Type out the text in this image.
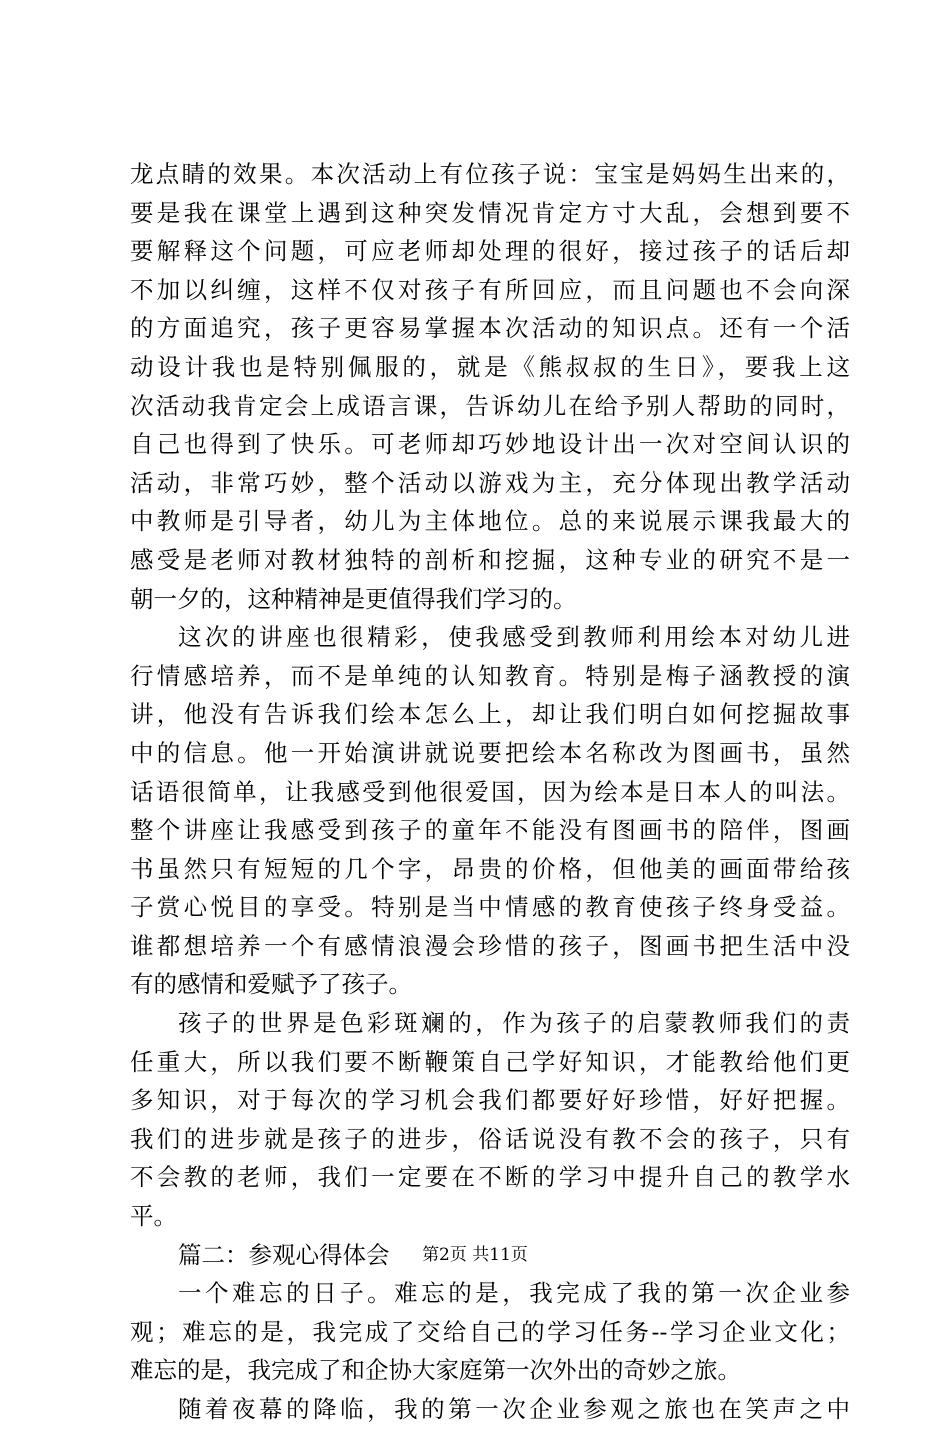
龙点睛的效果。本次活动上有位孩子说：宝宝是妈妈生出来的，
要是我在课堂上遇到这种突发情况肯定方寸大乱，会想到要不
要解释这个问题，可应老师却处理的很好，接过孩子的话后却
不加以纠缠，这样不仅对孩子有所回应，而且问题也不会向深
的方面追究，孩子更容易掌握本次活动的知识点。还有一个活
动设计我也是特别佩服的，就是《熊叔叔的生日》，要我上这
次活动我肯定会上成语言课，告诉幼儿在给予别人帮助的同时，
自己也得到了快乐。可老师却巧妙地设计出一次对空间认识的
活动，非常巧妙，整个活动以游戏为主，充分体现出教学活动
中教师是引导者，幼儿为主体地位。总的来说展示课我最大的
感受是老师对教材独特的剖析和挖掘，这种专业的研究不是一
朝一夕的，这种精神是更值得我们学习的。
这次的讲座也很精彩，使我感受到教师利用绘本对幼儿进
行情感培养，而不是单纯的认知教育。特别是梅子涵教授的演
讲，他没有告诉我们绘本怎么上，却让我们明白如何挖掘故事
中的信息。他一开始演讲就说要把绘本名称改为图画书，虽然
话语很简单，让我感受到他很爱国，因为绘本是日本人的叫法。
整个讲座让我感受到孩子的童年不能没有图画书的陪伴，图画
书虽然只有短短的几个字，昂贵的价格，但他美的画面带给孩
子赏心悦目的享受。特别是当中情感的教育使孩子终身受益。
谁都想培养一个有感情浪漫会珍惜的孩子，图画书把生活中没
有的感情和爱赋予了孩子。
孩子的世界是色彩斑斓的，作为孩子的启蒙教师我们的责
任重大，所以我们要不断鞭策自己学好知识，才能教给他们更
多知识，对于每次的学习机会我们都要好好珍惜，好好把握。
我们的进步就是孩子的进步，俗话说没有教不会的孩子，只有
不会教的老师，我们一定要在不断的学习中提升自己的教学水
平。
篇二：参观心得体会
一个难忘的日子。难忘的是，我完成了我的第一次企业参
观；难忘的是，我完成了交给自己的学习任务--学习企业文化；
难忘的是，我完成了和企协大家庭第一次外出的奇妙之旅。
随着夜幕的降临，我的第一次企业参观之旅也在笑声之中
第2页 共11页
